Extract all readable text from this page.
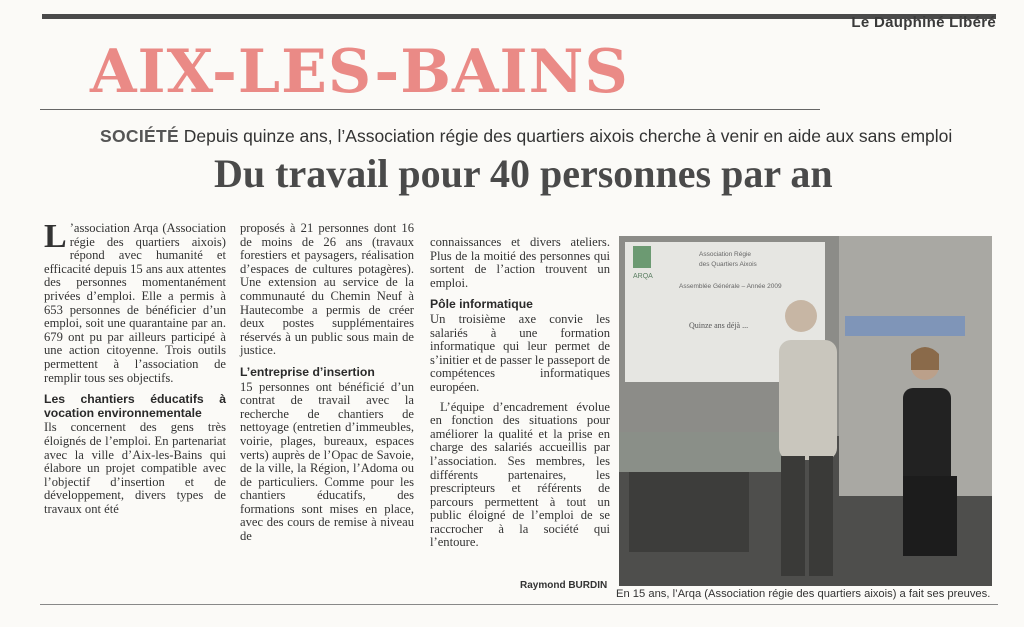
Le Dauphiné Libéré
AIX-LES-BAINS
SOCIÉTÉ Depuis quinze ans, l’Association régie des quartiers aixois cherche à venir en aide aux sans emploi
Du travail pour 40 personnes par an

L ’association Arqa (Association régie des quartiers aixois) répond avec humanité et efficacité depuis 15 ans aux attentes des personnes momentanément privées d’emploi. Elle a permis à 653 personnes de bénéficier d’un emploi, soit une quarantaine par an. 679 ont pu par ailleurs participé à une action citoyenne. Trois outils permettent à l’association de remplir tous ses objectifs.

Les chantiers éducatifs à vocation environnementale

Ils concernent des gens très éloignés de l’emploi. En partenariat avec la ville d’Aix-les-Bains qui élabore un projet compatible avec l’objectif d’insertion et de développement, divers types de travaux ont été

proposés à 21 personnes dont 16 de moins de 26 ans (travaux forestiers et paysagers, réalisation d’espaces de cultures potagères). Une extension au service de la communauté du Chemin Neuf à Hautecombe a permis de créer deux postes supplémentaires réservés à un public sous main de justice.

L’entreprise d’insertion

15 personnes ont bénéficié d’un contrat de travail avec la recherche de chantiers de nettoyage (entretien d’immeubles, voirie, plages, bureaux, espaces verts) auprès de l’Opac de Savoie, de la ville, la Région, l’Adoma ou de particuliers. Comme pour les chantiers éducatifs, des formations sont mises en place, avec des cours de remise à niveau de

connaissances et divers ateliers. Plus de la moitié des personnes qui sortent de l’action trouvent un emploi.

Pôle informatique

Un troisième axe convie les salariés à une formation informatique qui leur permet de s’initier et de passer le passeport de compétences informatiques européen.

L’équipe d’encadrement évolue en fonction des situations pour améliorer la qualité et la prise en charge des salariés accueillis par l’association. Ses membres, les différents partenaires, les prescripteurs et référents de parcours permettent à tout un public éloigné de l’emploi de se raccrocher à la société qui l’entoure.

Raymond BURDIN
ARQA
Association Régie
des Quartiers Aixois
Assemblée Générale – Année 2009
Quinze ans déjà ...
En 15 ans, l’Arqa (Association régie des quartiers aixois) a fait ses preuves.
